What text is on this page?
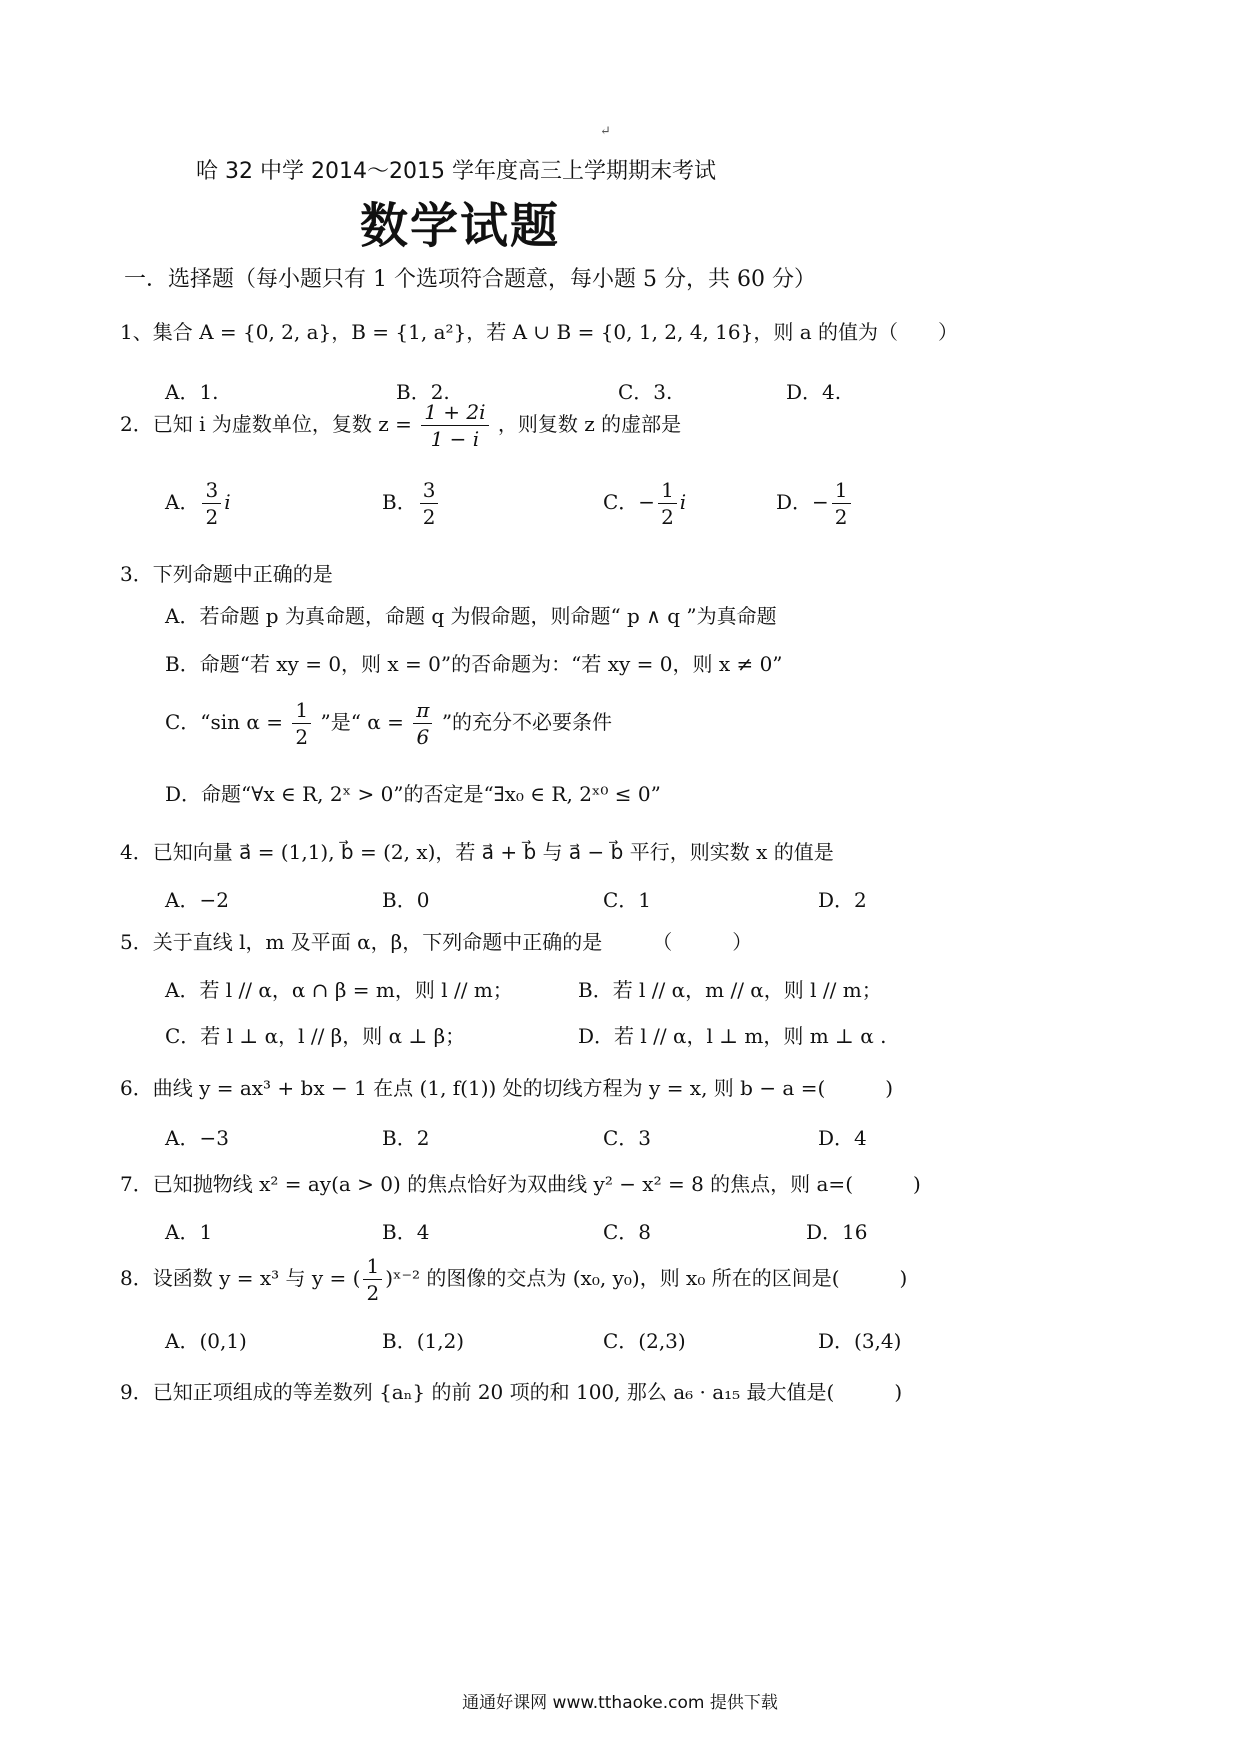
↵
哈 32 中学 2014～2015 学年度高三上学期期末考试
数学试题
一．选择题（每小题只有 1 个选项符合题意，每小题 5 分，共 60 分）
1、集合 A = {0, 2, a}，B = {1, a²}，若 A ∪ B = {0, 1, 2, 4, 16}，则 a 的值为（　　）
A．1.	B．2.	C．3.	D．4.
2．已知 i 为虚数单位，复数 $z = \frac{1 + 2i}{1 - i}$ ，则复数 z 的虚部是
A． $\frac{3}{2}$ i	B． $\frac{3}{2}$	C．− $\frac{1}{2}$ i	D．− $\frac{1}{2}$
3．下列命题中正确的是
A．若命题 p 为真命题，命题 q 为假命题，则命题“ p ∧ q ”为真命题
B．命题“若 xy = 0，则 x = 0”的否命题为：“若 xy = 0，则 x ≠ 0”
C．“sin $\alpha = \frac{1}{2}$ ”是“ $\alpha = \frac{\pi}{6}$ ”的充分不必要条件
D．命题“∀x ∈ R, 2ˣ > 0”的否定是“∃x₀ ∈ R, 2ˣ⁰ ≤ 0”
4．已知向量 a⃗ = (1,1), b⃗ = (2, x)，若 a⃗ + b⃗ 与 a⃗ − b⃗ 平行，则实数 x 的值是
A．−2	B．0	C．1	D．2
5．关于直线 l，m 及平面 α，β，下列命题中正确的是　　　（　　　）
A．若 l // α，α ∩ β = m，则 l // m；	B．若 l // α，m // α，则 l // m；
C．若 l ⊥ α，l // β，则 α ⊥ β；	D．若 l // α，l ⊥ m，则 m ⊥ α .
6．曲线 y = ax³ + bx − 1 在点 (1, f(1)) 处的切线方程为 y = x, 则 b − a =(　　　)
A．−3	B．2	C．3	D．4
7．已知抛物线 x² = ay(a > 0) 的焦点恰好为双曲线 y² − x² = 8 的焦点，则 a=(　　　)
A．1	B．4	C．8	D．16
8．设函数 y = x³ 与 y = ( $\frac{1}{2}$ )ˣ⁻² 的图像的交点为 (x₀, y₀)，则 x₀ 所在的区间是(　　　)
A．(0,1)	B．(1,2)	C．(2,3)	D．(3,4)
9．已知正项组成的等差数列 {aₙ} 的前 20 项的和 100, 那么 a₆ · a₁₅ 最大值是(　　　)
通通好课网 www.tthaoke.com 提供下载
